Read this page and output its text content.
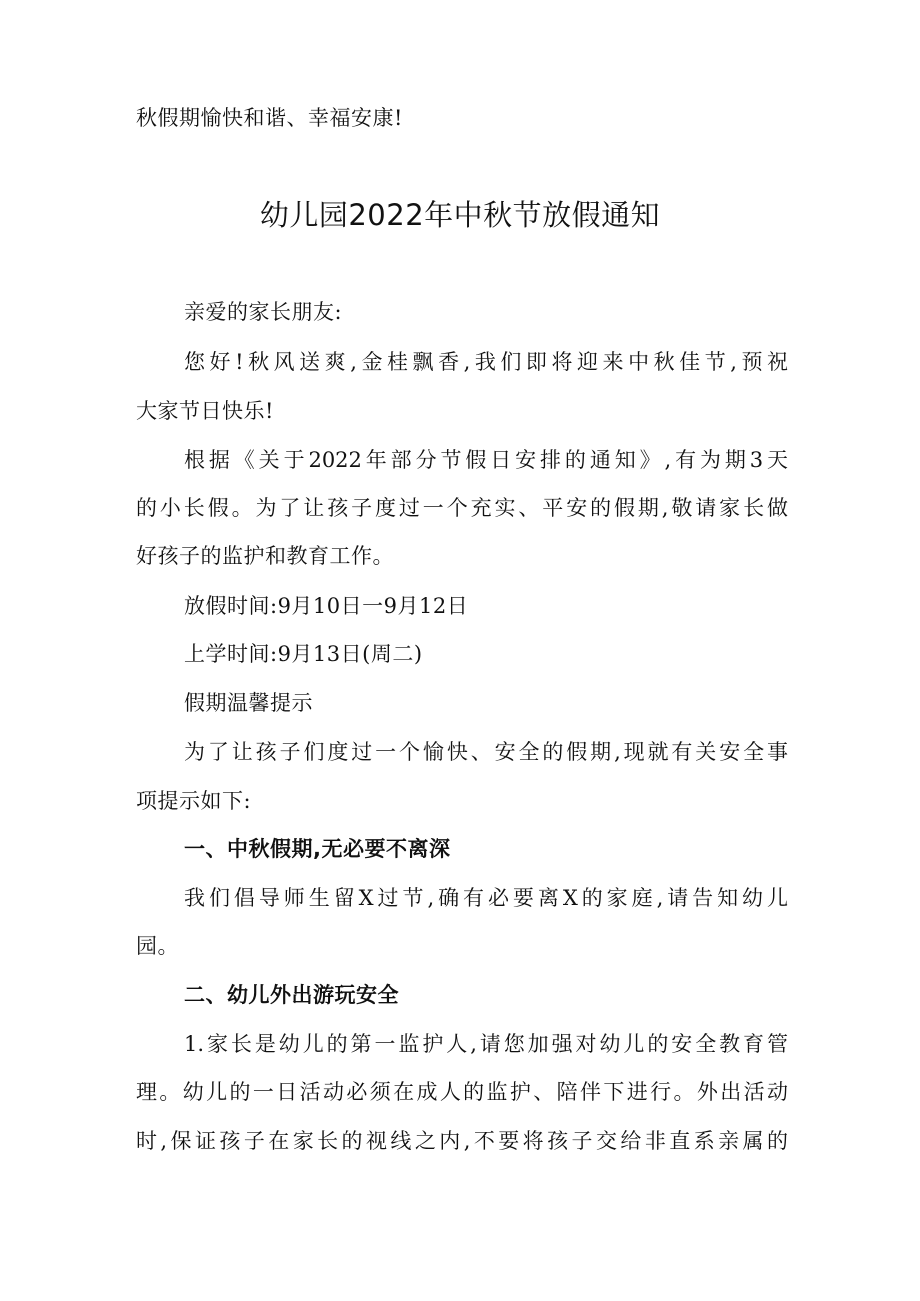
秋假期愉快和谐、幸福安康!
幼儿园2022年中秋节放假通知
亲爱的家长朋友:
您好!秋风送爽,金桂飘香,我们即将迎来中秋佳节,预祝
大家节日快乐!
根据《关于2022年部分节假日安排的通知》,有为期3天
的小长假。为了让孩子度过一个充实、平安的假期,敬请家长做
好孩子的监护和教育工作。
放假时间:9月10日一9月12日
上学时间:9月13日(周二)
假期温馨提示
为了让孩子们度过一个愉快、安全的假期,现就有关安全事
项提示如下:
一、中秋假期,无必要不离深
我们倡导师生留X过节,确有必要离X的家庭,请告知幼儿
园。
二、幼儿外出游玩安全
1.家长是幼儿的第一监护人,请您加强对幼儿的安全教育管
理。幼儿的一日活动必须在成人的监护、陪伴下进行。外出活动
时,保证孩子在家长的视线之内,不要将孩子交给非直系亲属的
